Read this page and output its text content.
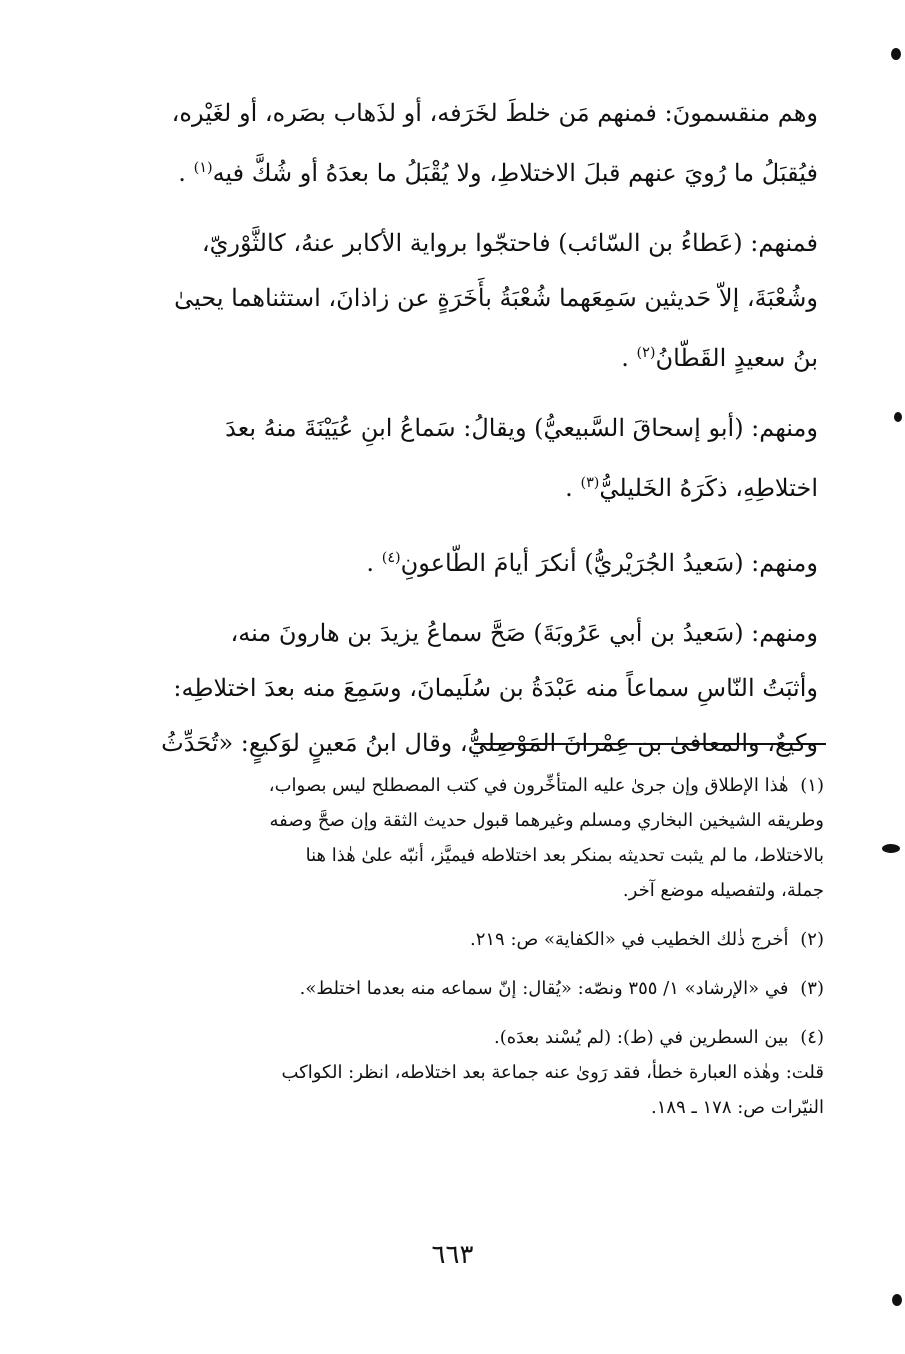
وهم منقسمونَ: فمنهم مَن خلطَ لخَرَفه، أو لذَهاب بصَره، أو لغَيْره،
فيُقبَلُ ما رُويَ عنهم قبلَ الاختلاطِ، ولا يُقْبَلُ ما بعدَهُ أو شُكَّ فيه$^{(١)}$ .

فمنهم: (عَطاءُ بن السّائب) فاحتجّوا برواية الأكابر عنهُ، كالثَّوْريّ،
وشُعْبَةَ، إلاّ حَديثين سَمِعَهما شُعْبَةُ بأَخَرَةٍ عن زاذانَ، استثناهما يحيىٰ
بنُ سعيدٍ القَطّانُ$^{(٢)}$ .

ومنهم: (أبو إسحاقَ السَّبيعيُّ) ويقالُ: سَماعُ ابنِ عُيَيْنَةَ منهُ بعدَ
اختلاطِهِ، ذكَرَهُ الخَليليُّ$^{(٣)}$ .

ومنهم: (سَعيدُ الجُرَيْريُّ) أنكرَ أيامَ الطّاعونِ$^{(٤)}$ .

ومنهم: (سَعيدُ بن أبي عَرُوبَةَ) صَحَّ سماعُ يزيدَ بن هارونَ منه،
وأثبَتُ النّاسِ سماعاً منه عَبْدَةُ بن سُلَيمانَ، وسَمِعَ منه بعدَ اختلاطِه:
وكيعٌ، والمعافىٰ بن عِمْرانَ المَوْصِليُّ، وقال ابنُ مَعينٍ لوَكيعٍ: «تُحَدِّثُ

(١) هٰذا الإطلاق وإن جرىٰ عليه المتأخِّرون في كتب المصطلح ليس بصواب،
وطريقه الشيخين البخاري ومسلم وغيرهما قبول حديث الثقة وإن صحَّ وصفه
بالاختلاط، ما لم يثبت تحديثه بمنكر بعد اختلاطه فيميَّز، أنبّه علىٰ هٰذا هنا
جملة، ولتفصيله موضع آخر.

(٢) أخرج ذٰلك الخطيب في «الكفاية» ص: ٢١٩.

(٣) في «الإرشاد» ١/ ٣٥٥ ونصّه: «يُقال: إنّ سماعه منه بعدما اختلط».

(٤) بين السطرين في (ط): (لم يُسْند بعدَه).
قلت: وهٰذه العبارة خطأ، فقد رَوىٰ عنه جماعة بعد اختلاطه، انظر: الكواكب
النيّرات ص: ١٧٨ ـ ١٨٩.

٦٦٣
